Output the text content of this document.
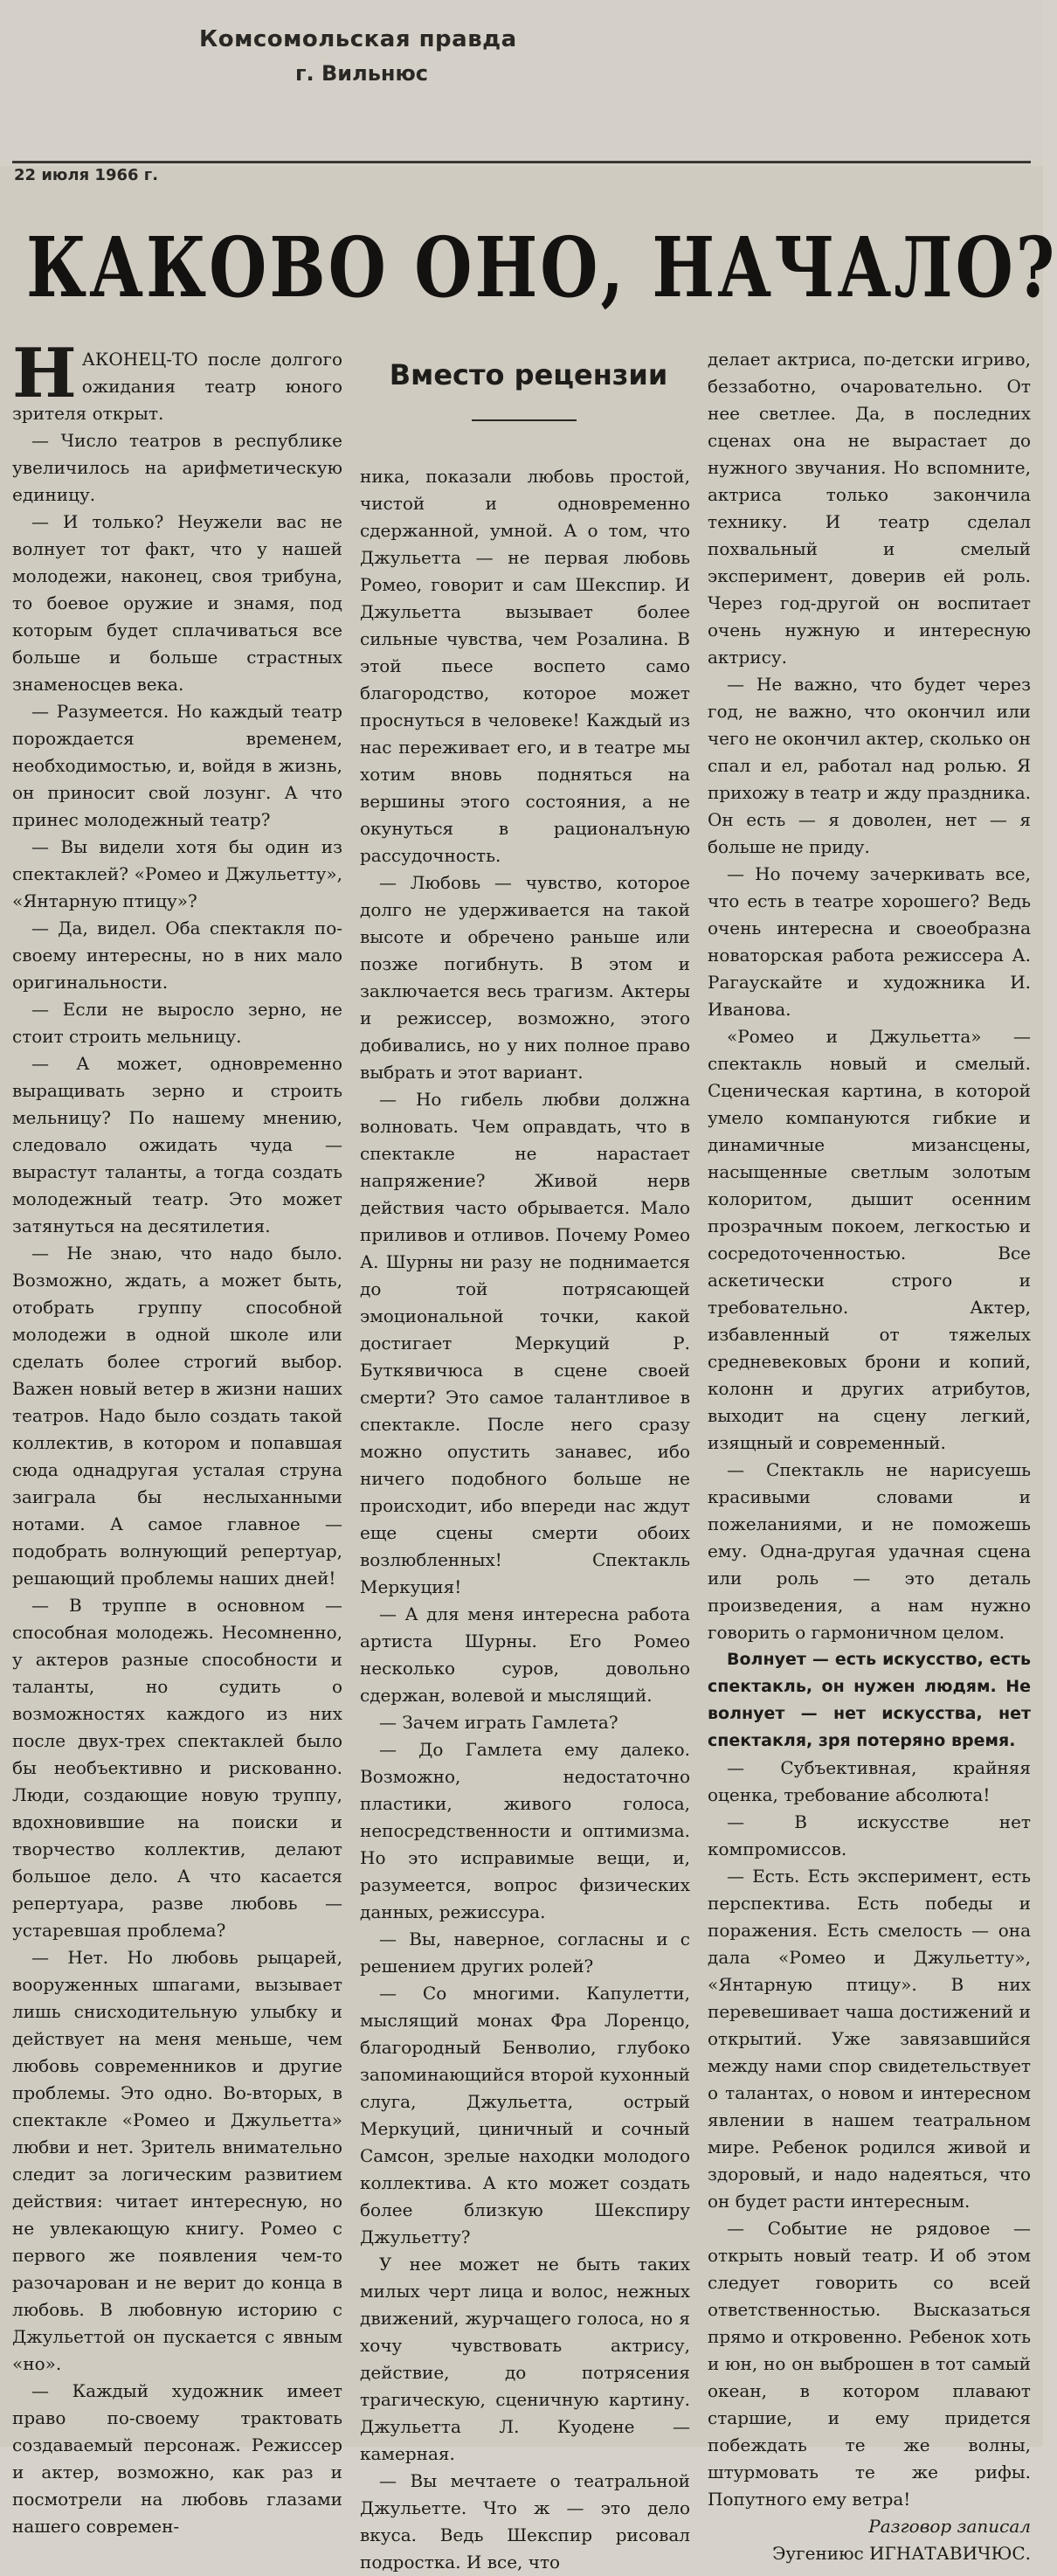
Комсомольская правда
г. Вильнюс
22 июля 1966 г.
КАКОВО ОНО, НАЧАЛО?
Вместо рецензии
Н АКОНЕЦ-ТО после долгого ожидания театр юного зрителя открыт.

— Число театров в республике увеличилось на арифметическую единицу.

— И только? Неужели вас не волнует тот факт, что у нашей молодежи, наконец, своя трибуна, то боевое оружие и знамя, под которым будет сплачиваться все больше и больше страстных знаменосцев века.

— Разумеется. Но каждый театр порождается временем, необходимостью, и, войдя в жизнь, он приносит свой лозунг. А что принес молодежный театр?

— Вы видели хотя бы один из спектаклей? «Ромео и Джульетту», «Янтарную птицу»?

— Да, видел. Оба спектакля по-своему интересны, но в них мало оригинальности.

— Если не выросло зерно, не стоит строить мельницу.

— А может, одновременно выращивать зерно и строить мельницу? По нашему мнению, следовало ожидать чуда — вырастут таланты, а тогда создать молодежный театр. Это может затянуться на десятилетия.

— Не знаю, что надо было. Возможно, ждать, а может быть, отобрать группу способной молодежи в одной школе или сделать более строгий выбор. Важен новый ветер в жизни наших театров. Надо было создать такой коллектив, в котором и попавшая сюда однадругая усталая струна заиграла бы неслыханными нотами. А самое главное — подобрать волнующий репертуар, решающий проблемы наших дней!

— В труппе в основном — способная молодежь. Несомненно, у актеров разные способности и таланты, но судить о возможностях каждого из них после двух-трех спектаклей было бы необъективно и рискованно. Люди, создающие новую труппу, вдохновившие на поиски и творчество коллектив, делают большое дело. А что касается репертуара, разве любовь — устаревшая проблема?

— Нет. Но любовь рыцарей, вооруженных шпагами, вызывает лишь снисходительную улыбку и действует на меня меньше, чем любовь современников и другие проблемы. Это одно. Во-вторых, в спектакле «Ромео и Джульетта» любви и нет. Зритель внимательно следит за логическим развитием действия: читает интересную, но не увлекающую книгу. Ромео с первого же появления чем-то разочарован и не верит до конца в любовь. В любовную историю с Джульеттой он пускается с явным «но».

— Каждый художник имеет право по-своему трактовать создаваемый персонаж. Режиссер и актер, возможно, как раз и посмотрели на любовь глазами нашего современ-

ника, показали любовь простой, чистой и одновременно сдержанной, умной. А о том, что Джульетта — не первая любовь Ромео, говорит и сам Шекспир. И Джульетта вызывает более сильные чувства, чем Розалина. В этой пьесе воспето само благородство, которое может проснуться в человеке! Каждый из нас переживает его, и в театре мы хотим вновь подняться на вершины этого состояния, а не окунуться в рационалъную рассудочность.

— Любовь — чувство, которое долго не удерживается на такой высоте и обречено раньше или позже погибнуть. В этом и заключается весь трагизм. Актеры и режиссер, возможно, этого добивались, но у них полное право выбрать и этот вариант.

— Но гибель любви должна волновать. Чем оправдать, что в спектакле не нарастает напряжение? Живой нерв действия часто обрывается. Мало приливов и отливов. Почему Ромео А. Шурны ни разу не поднимается до той потрясающей эмоциональной точки, какой достигает Меркуций Р. Буткявичюса в сцене своей смерти? Это самое талантливое в спектакле. После него сразу можно опустить занавес, ибо ничего подобного больше не происходит, ибо впереди нас ждут еще сцены смерти обоих возлюбленных! Спектакль Меркуция!

— А для меня интересна работа артиста Шурны. Его Ромео несколько суров, довольно сдержан, волевой и мыслящий.

— Зачем играть Гамлета?

— До Гамлета ему далеко. Возможно, недостаточно пластики, живого голоса, непосредственности и оптимизма. Но это исправимые вещи, и, разумеется, вопрос физических данных, режиссура.

— Вы, наверное, согласны и с решением других ролей?

— Со многими. Капулетти, мыслящий монах Фра Лоренцо, благородный Бенволио, глубоко запоминающийся второй кухонный слуга, Джульетта, острый Меркуций, циничный и сочный Самсон, зрелые находки молодого коллектива. А кто может создать более близкую Шекспиру Джульетту?

У нее может не быть таких милых черт лица и волос, нежных движений, журчащего голоса, но я хочу чувствовать актрису, действие, до потрясения трагическую, сценичную картину. Джульетта Л. Куодене — камерная.

— Вы мечтаете о театральной Джульетте. Что ж — это дело вкуса. Ведь Шекспир рисовал подростка. И все, что

делает актриса, по-детски игриво, беззаботно, очаровательно. От нее светлее. Да, в последних сценах она не вырастает до нужного звучания. Но вспомните, актриса только закончила технику. И театр сделал похвальный и смелый эксперимент, доверив ей роль. Через год-другой он воспитает очень нужную и интересную актрису.

— Не важно, что будет через год, не важно, что окончил или чего не окончил актер, сколько он спал и ел, работал над ролью. Я прихожу в театр и жду праздника. Он есть — я доволен, нет — я больше не приду.

— Но почему зачеркивать все, что есть в театре хорошего? Ведь очень интересна и своеобразна новаторская работа режиссера А. Рагаускайте и художника И. Иванова.

«Ромео и Джульетта» — спектакль новый и смелый. Сценическая картина, в которой умело компануются гибкие и динамичные мизансцены, насыщенные светлым золотым колоритом, дышит осенним прозрачным покоем, легкостью и сосредоточенностью. Все аскетически строго и требовательно. Актер, избавленный от тяжелых средневековых брони и копий, колонн и других атрибутов, выходит на сцену легкий, изящный и современный.

— Спектакль не нарисуешь красивыми словами и пожеланиями, и не поможешь ему. Одна-другая удачная сцена или роль — это деталь произведения, а нам нужно говорить о гармоничном целом.

Волнует — есть искусство, есть спектакль, он нужен людям. Не волнует — нет искусства, нет спектакля, зря потеряно время.

— Субъективная, крайняя оценка, требование абсолюта!

— В искусстве нет компромиссов.

— Есть. Есть эксперимент, есть перспектива. Есть победы и поражения. Есть смелость — она дала «Ромео и Джульетту», «Янтарную птицу». В них перевешивает чаша достижений и открытий. Уже завязавшийся между нами спор свидетельствует о талантах, о новом и интересном явлении в нашем театральном мире. Ребенок родился живой и здоровый, и надо надеяться, что он будет расти интересным.

— Событие не рядовое — открыть новый театр. И об этом следует говорить со всей ответственностью. Высказаться прямо и откровенно. Ребенок хоть и юн, но он выброшен в тот самый океан, в котором плавают старшие, и ему придется побеждать те же волны, штурмовать те же рифы. Попутного ему ветра!

Разговор записал

Эугениюс ИГНАТАВИЧЮС.
